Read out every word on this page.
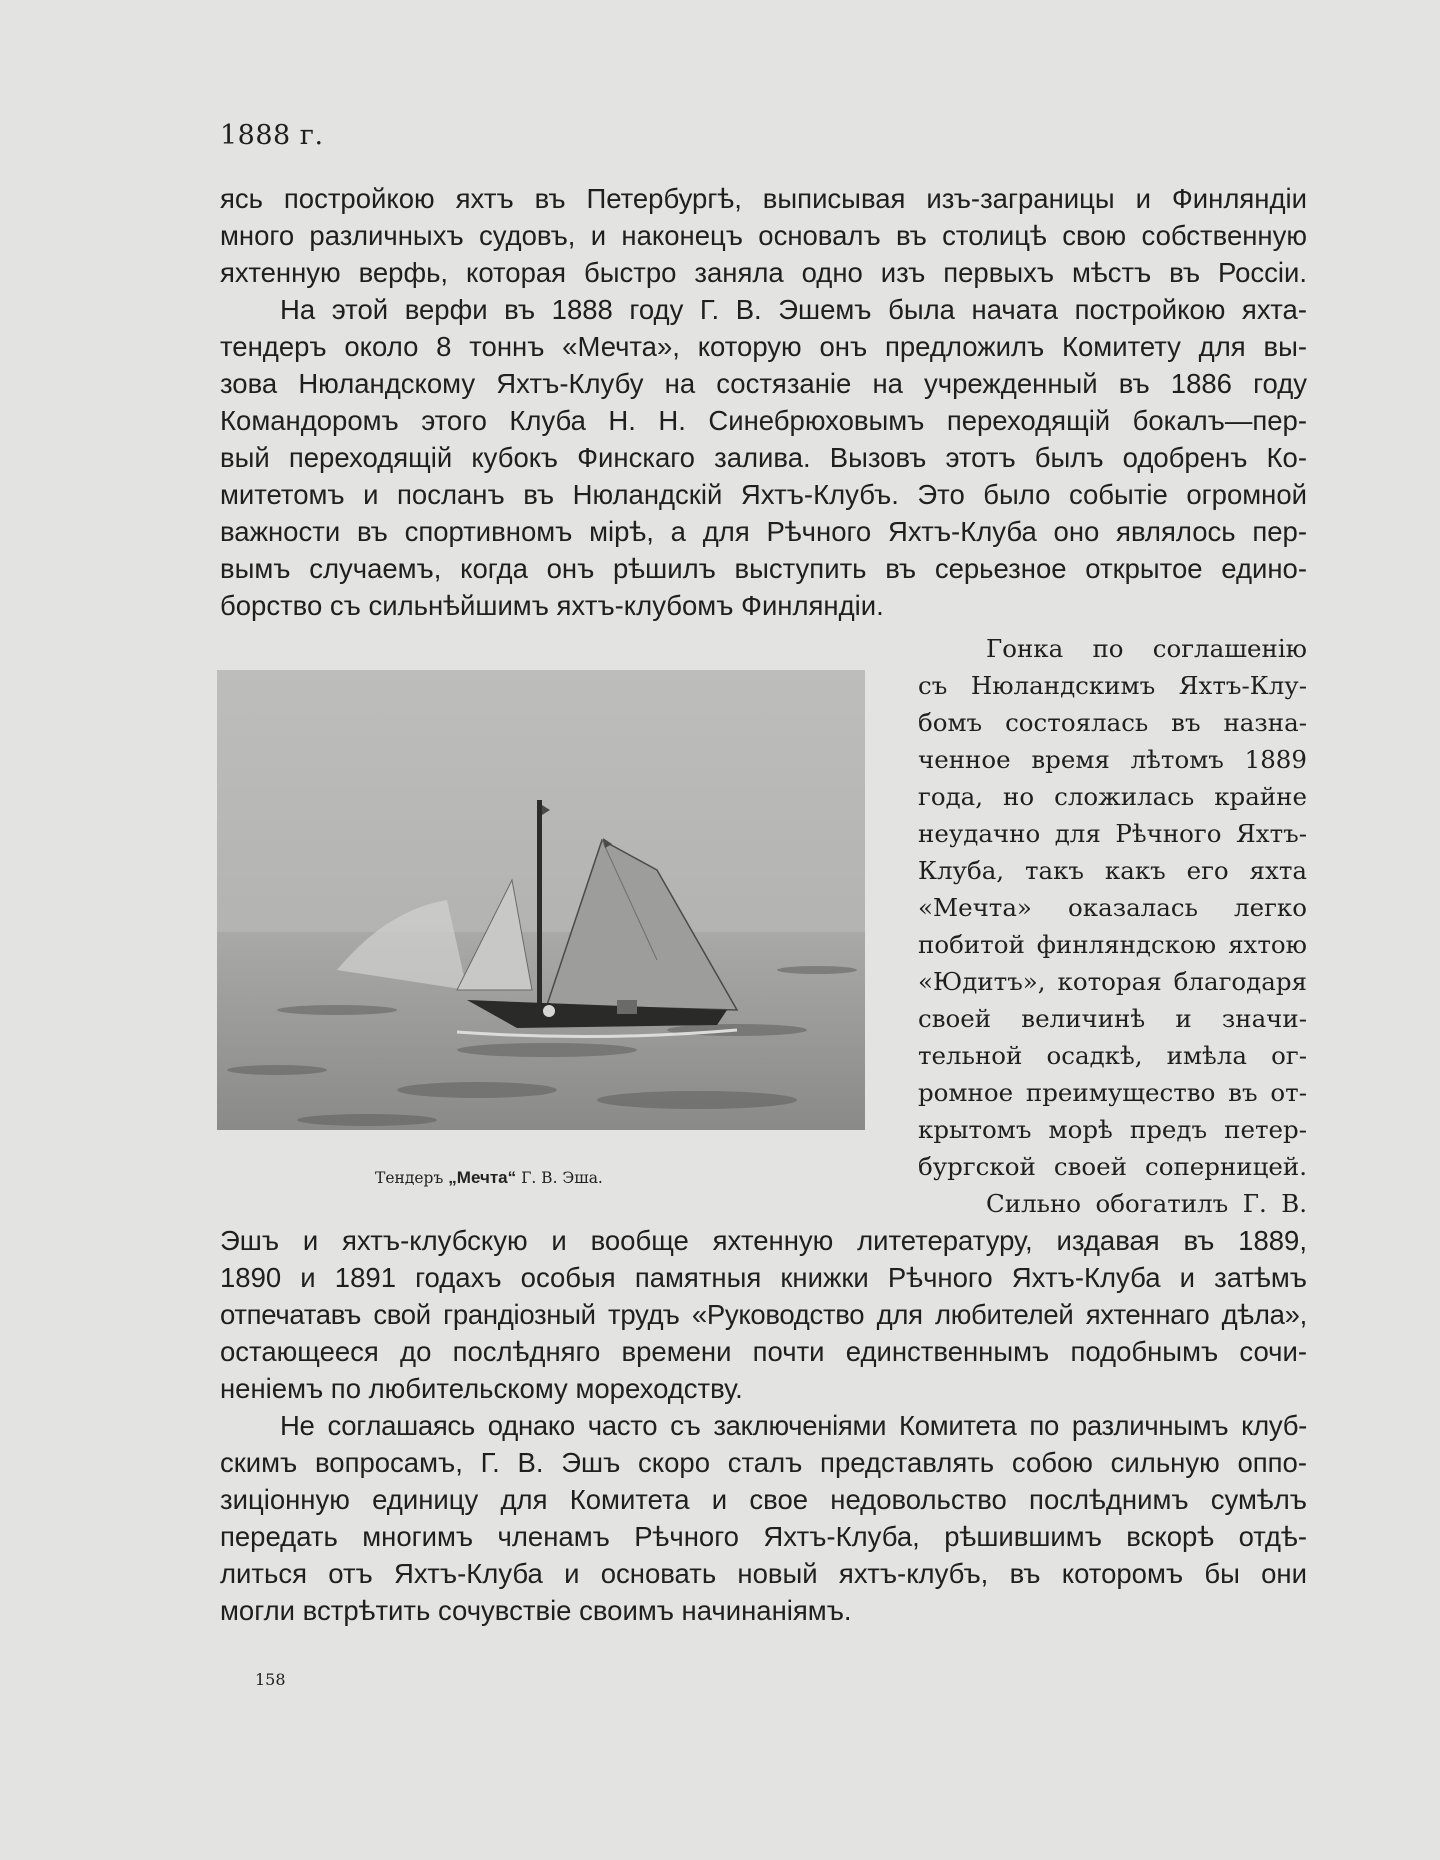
1888 г.
ясь постройкою яхтъ въ Петербургѣ, выписывая изъ-заграницы и Финляндіи
много различныхъ судовъ, и наконецъ основалъ въ столицѣ свою собственную
яхтенную верфь, которая быстро заняла одно изъ первыхъ мѣстъ въ Россіи.
На этой верфи въ 1888 году Г. В. Эшемъ была начата постройкою яхта-
тендеръ около 8 тоннъ «Мечта», которую онъ предложилъ Комитету для вы-
зова Нюландскому Яхтъ-Клубу на состязаніе на учрежденный въ 1886 году
Командоромъ этого Клуба Н. Н. Синебрюховымъ переходящій бокалъ—пер-
вый переходящій кубокъ Финскаго залива. Вызовъ этотъ былъ одобренъ Ко-
митетомъ и посланъ въ Нюландскій Яхтъ-Клубъ. Это было событіе огромной
важности въ спортивномъ мірѣ, а для Рѣчного Яхтъ-Клуба оно являлось пер-
вымъ случаемъ, когда онъ рѣшилъ выступить въ серьезное открытое едино-
борство съ сильнѣйшимъ яхтъ-клубомъ Финляндіи.
Тендеръ „Мечта“ Г. В. Эша.
Гонка по соглашенію
съ Нюландскимъ Яхтъ-Клу-
бомъ состоялась въ назна-
ченное время лѣтомъ 1889
года, но сложилась крайне
неудачно для Рѣчного Яхтъ-
Клуба, такъ какъ его яхта
«Мечта» оказалась легко
побитой финляндскою яхтою
«Юдитъ», которая благодаря
своей величинѣ и значи-
тельной осадкѣ, имѣла ог-
ромное преимущество въ от-
крытомъ морѣ предъ петер-
бургской своей соперницей.
Сильно обогатилъ Г. В.
Эшъ и яхтъ-клубскую и вообще яхтенную литетературу, издавая въ 1889,
1890 и 1891 годахъ особыя памятныя книжки Рѣчного Яхтъ-Клуба и затѣмъ
отпечатавъ свой грандіозный трудъ «Руководство для любителей яхтеннаго дѣла»,
остающееся до послѣдняго времени почти единственнымъ подобнымъ сочи-
неніемъ по любительскому мореходству.
Не соглашаясь однако часто съ заключеніями Комитета по различнымъ клуб-
скимъ вопросамъ, Г. В. Эшъ скоро сталъ представлять собою сильную оппо-
зиціонную единицу для Комитета и свое недовольство послѣднимъ сумѣлъ
передать многимъ членамъ Рѣчного Яхтъ-Клуба, рѣшившимъ вскорѣ отдѣ-
литься отъ Яхтъ-Клуба и основать новый яхтъ-клубъ, въ которомъ бы они
могли встрѣтить сочувствіе своимъ начинаніямъ.
158
